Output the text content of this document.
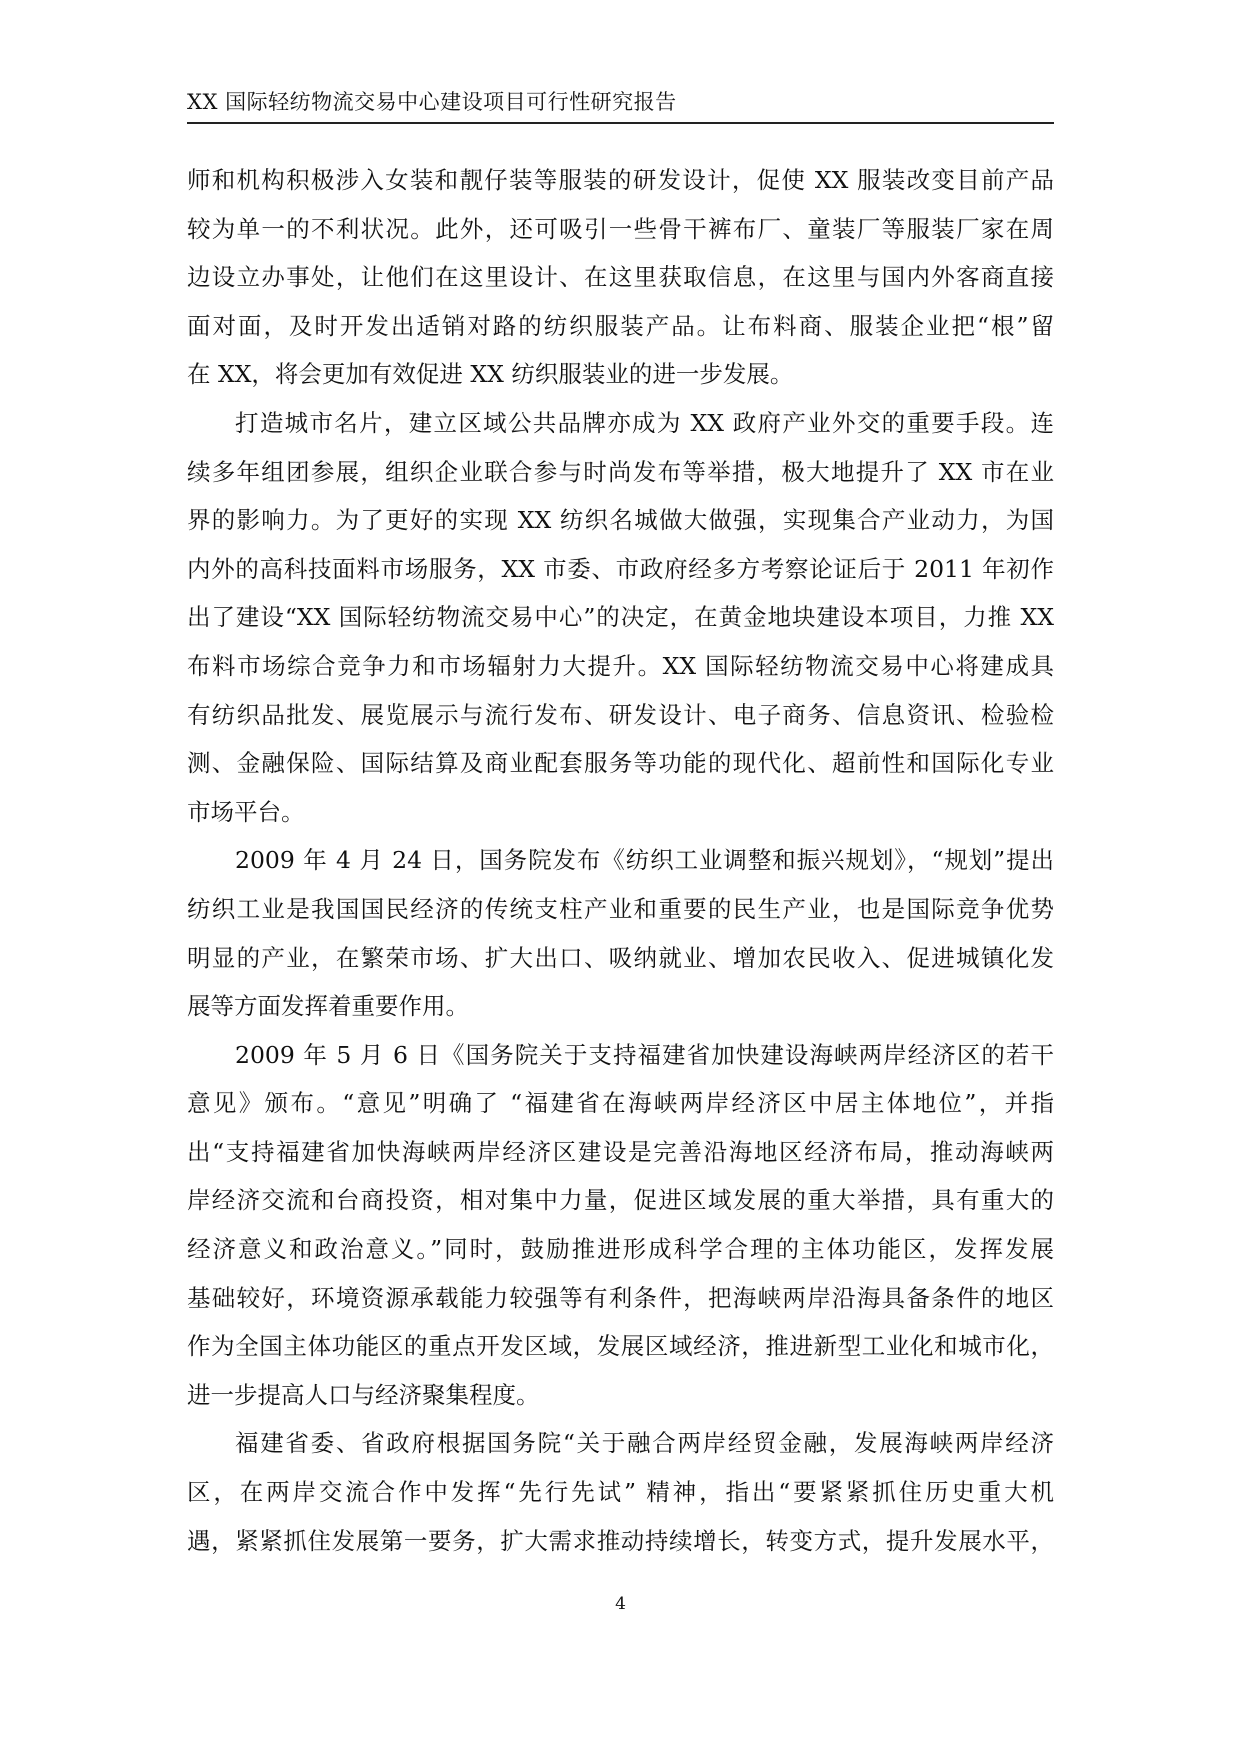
XX 国际轻纺物流交易中心建设项目可行性研究报告
师和机构积极涉入女装和靓仔装等服装的研发设计，促使 XX 服装改变目前产品
较为单一的不利状况。此外，还可吸引一些骨干裤布厂、童装厂等服装厂家在周
边设立办事处，让他们在这里设计、在这里获取信息，在这里与国内外客商直接
面对面，及时开发出适销对路的纺织服装产品。让布料商、服装企业把“根”留
在 XX，将会更加有效促进 XX 纺织服装业的进一步发展。
打造城市名片，建立区域公共品牌亦成为 XX 政府产业外交的重要手段。连
续多年组团参展，组织企业联合参与时尚发布等举措，极大地提升了 XX 市在业
界的影响力。为了更好的实现 XX 纺织名城做大做强，实现集合产业动力，为国
内外的高科技面料市场服务，XX 市委、市政府经多方考察论证后于 2011 年初作
出了建设“XX 国际轻纺物流交易中心”的决定，在黄金地块建设本项目，力推 XX
布料市场综合竞争力和市场辐射力大提升。XX 国际轻纺物流交易中心将建成具
有纺织品批发、展览展示与流行发布、研发设计、电子商务、信息资讯、检验检
测、金融保险、国际结算及商业配套服务等功能的现代化、超前性和国际化专业
市场平台。
2009 年 4 月 24 日，国务院发布《纺织工业调整和振兴规划》，“规划”提出
纺织工业是我国国民经济的传统支柱产业和重要的民生产业，也是国际竞争优势
明显的产业，在繁荣市场、扩大出口、吸纳就业、增加农民收入、促进城镇化发
展等方面发挥着重要作用。
2009 年 5 月 6 日《国务院关于支持福建省加快建设海峡两岸经济区的若干
意见》颁布。“意见”明确了 “福建省在海峡两岸经济区中居主体地位”，并指
出“支持福建省加快海峡两岸经济区建设是完善沿海地区经济布局，推动海峡两
岸经济交流和台商投资，相对集中力量，促进区域发展的重大举措，具有重大的
经济意义和政治意义。”同时，鼓励推进形成科学合理的主体功能区，发挥发展
基础较好，环境资源承载能力较强等有利条件，把海峡两岸沿海具备条件的地区
作为全国主体功能区的重点开发区域，发展区域经济，推进新型工业化和城市化，
进一步提高人口与经济聚集程度。
福建省委、省政府根据国务院“关于融合两岸经贸金融，发展海峡两岸经济
区，在两岸交流合作中发挥“先行先试” 精神，指出“要紧紧抓住历史重大机
遇，紧紧抓住发展第一要务，扩大需求推动持续增长，转变方式，提升发展水平，
4
